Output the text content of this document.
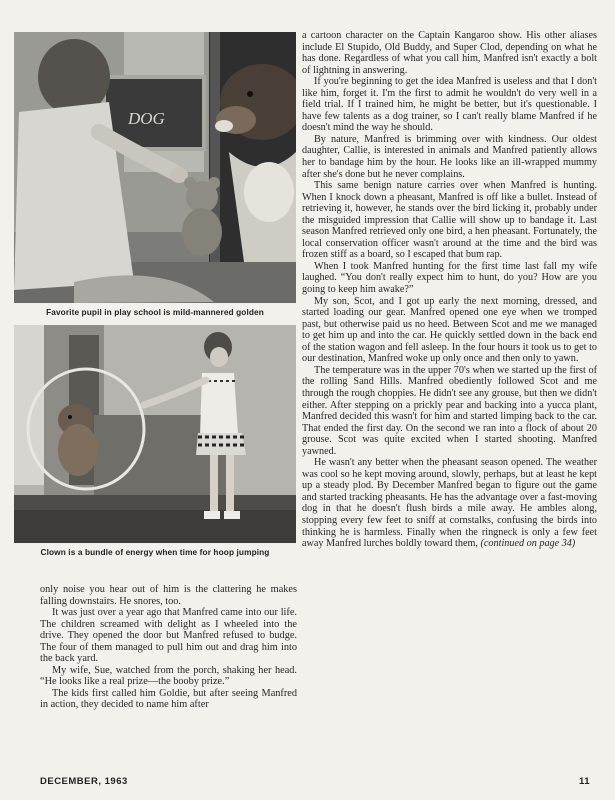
DOG
Favorite pupil in play school is mild-mannered golden
Clown is a bundle of energy when time for hoop jumping

only noise you hear out of him is the clattering he makes falling downstairs. He snores, too.

It was just over a year ago that Manfred came into our life. The children screamed with delight as I wheeled into the drive. They opened the door but Manfred refused to budge. The four of them managed to pull him out and drag him into the back yard.

My wife, Sue, watched from the porch, shaking her head. “He looks like a real prize—the booby prize.”

The kids first called him Goldie, but after seeing Manfred in action, they decided to name him after

a cartoon character on the Captain Kangaroo show. His other aliases include El Stupido, Old Buddy, and Super Clod, depending on what he has done. Regardless of what you call him, Manfred isn't exactly a bolt of lightning in answering.

If you're beginning to get the idea Manfred is useless and that I don't like him, forget it. I'm the first to admit he wouldn't do very well in a field trial. If I trained him, he might be better, but it's questionable. I have few talents as a dog trainer, so I can't really blame Manfred if he doesn't mind the way he should.

By nature, Manfred is brimming over with kindness. Our oldest daughter, Callie, is interested in animals and Manfred patiently allows her to bandage him by the hour. He looks like an ill-wrapped mummy after she's done but he never complains.

This same benign nature carries over when Manfred is hunting. When I knock down a pheasant, Manfred is off like a bullet. Instead of retrieving it, however, he stands over the bird licking it, probably under the misguided impression that Callie will show up to bandage it. Last season Manfred retrieved only one bird, a hen pheasant. Fortunately, the local conservation officer wasn't around at the time and the bird was frozen stiff as a board, so I escaped that bum rap.

When I took Manfred hunting for the first time last fall my wife laughed. “You don't really expect him to hunt, do you? How are you going to keep him awake?”

My son, Scot, and I got up early the next morning, dressed, and started loading our gear. Manfred opened one eye when we tromped past, but otherwise paid us no heed. Between Scot and me we managed to get him up and into the car. He quickly settled down in the back end of the station wagon and fell asleep. In the four hours it took us to get to our destination, Manfred woke up only once and then only to yawn.

The temperature was in the upper 70's when we started up the first of the rolling Sand Hills. Manfred obediently followed Scot and me through the rough choppies. He didn't see any grouse, but then we didn't either. After stepping on a prickly pear and backing into a yucca plant, Manfred decided this wasn't for him and started limping back to the car. That ended the first day. On the second we ran into a flock of about 20 grouse. Scot was quite excited when I started shooting. Manfred yawned.

He wasn't any better when the pheasant season opened. The weather was cool so he kept moving around, slowly, perhaps, but at least he kept up a steady plod. By December Manfred began to figure out the game and started tracking pheasants. He has the advantage over a fast-moving dog in that he doesn't flush birds a mile away. He ambles along, stopping every few feet to sniff at cornstalks, confusing the birds into thinking he is harmless. Finally when the ringneck is only a few feet away Manfred lurches boldly toward them, (continued on page 34)

DECEMBER, 1963	11
